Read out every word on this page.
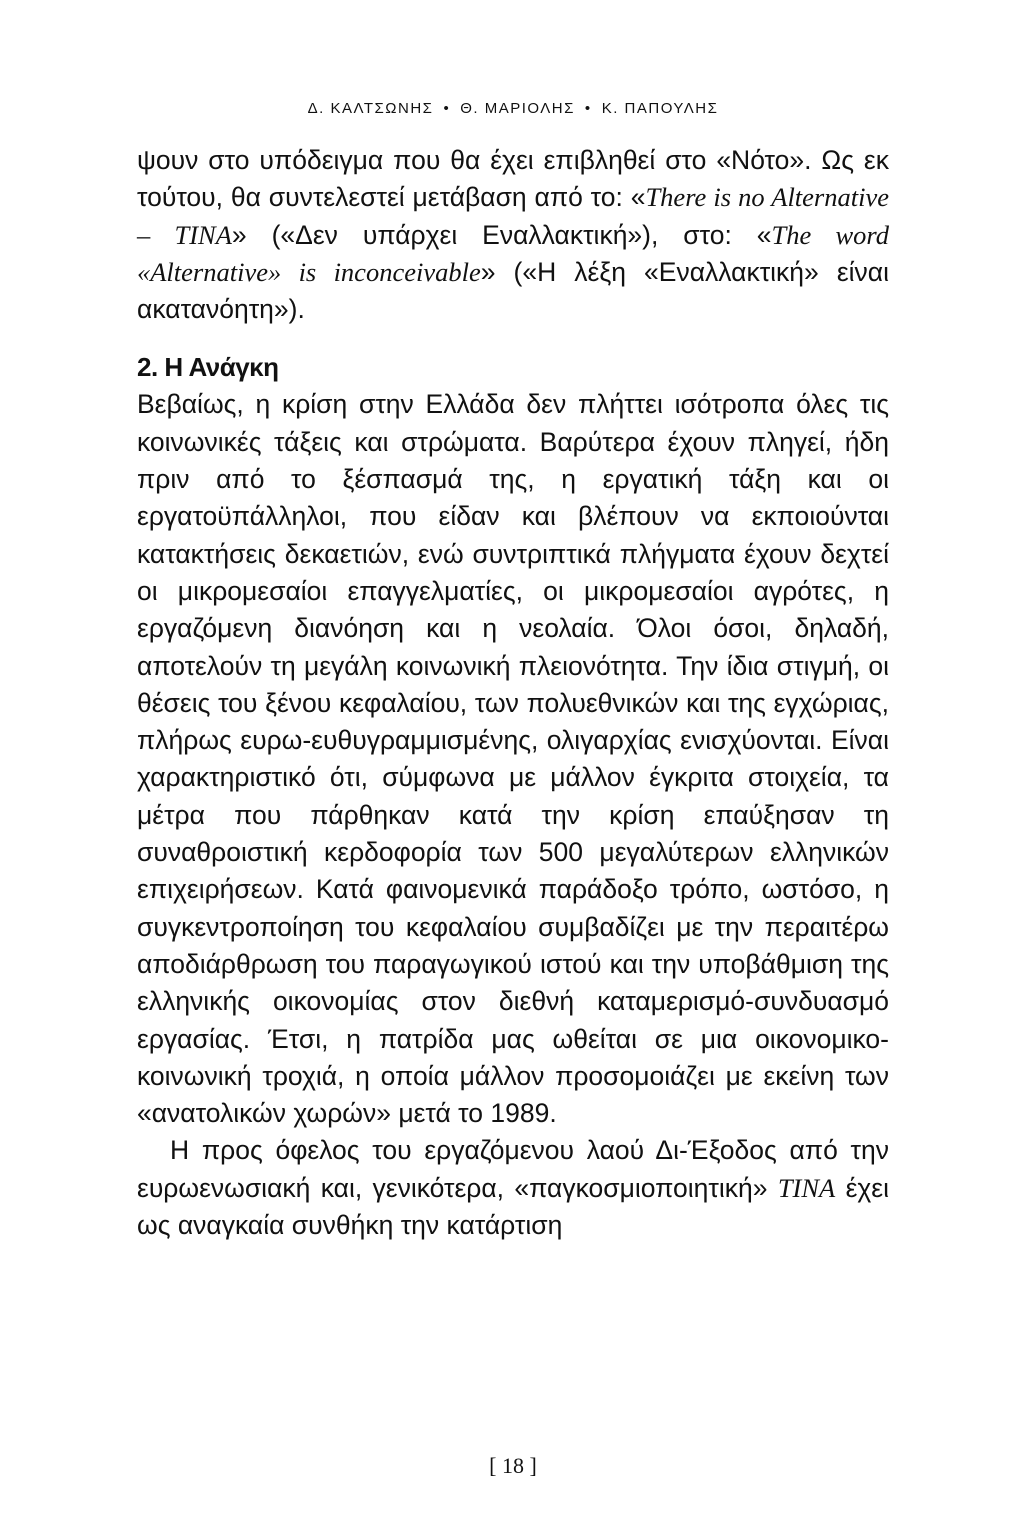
Δ. ΚΑΛΤΣΩΝΗΣ • Θ. ΜΑΡΙΟΛΗΣ • Κ. ΠΑΠΟΥΛΗΣ

ψουν στο υπόδειγμα που θα έχει επιβληθεί στο «Νότο». Ως εκ τούτου, θα συντελεστεί μετάβαση από το: «There is no Alternative – TINA» («Δεν υπάρχει Εναλλακτική»), στο: «The word «Alternative» is inconceivable» («Η λέξη «Εναλλακτική» είναι ακατανόητη»).

2. Η Ανάγκη

Βεβαίως, η κρίση στην Ελλάδα δεν πλήττει ισότροπα όλες τις κοινωνικές τάξεις και στρώματα. Βαρύτερα έχουν πληγεί, ήδη πριν από το ξέσπασμά της, η εργατική τάξη και οι εργατοϋπάλληλοι, που είδαν και βλέπουν να εκποιούνται κατακτήσεις δεκαετιών, ενώ συντριπτικά πλήγματα έχουν δεχτεί οι μικρομεσαίοι επαγγελματίες, οι μικρομεσαίοι αγρότες, η εργαζόμενη διανόηση και η νεολαία. Όλοι όσοι, δηλαδή, αποτελούν τη μεγάλη κοινωνική πλειονότητα. Την ίδια στιγμή, οι θέσεις του ξένου κεφαλαίου, των πολυεθνικών και της εγχώριας, πλήρως ευρω-ευθυγραμμισμένης, ολιγαρχίας ενισχύονται. Είναι χαρακτηριστικό ότι, σύμφωνα με μάλλον έγκριτα στοιχεία, τα μέτρα που πάρθηκαν κατά την κρίση επαύξησαν τη συναθροιστική κερδοφορία των 500 μεγαλύτερων ελληνικών επιχειρήσεων. Κατά φαινομενικά παράδοξο τρόπο, ωστόσο, η συγκεντροποίηση του κεφαλαίου συμβαδίζει με την περαιτέρω αποδιάρθρωση του παραγωγικού ιστού και την υποβάθμιση της ελληνικής οικονομίας στον διεθνή καταμερισμό-συνδυασμό εργασίας. Έτσι, η πατρίδα μας ωθείται σε μια οικονομικο-κοινωνική τροχιά, η οποία μάλλον προσομοιάζει με εκείνη των «ανατολικών χωρών» μετά το 1989.

Η προς όφελος του εργαζόμενου λαού Δι-Έξοδος από την ευρωενωσιακή και, γενικότερα, «παγκοσμιοποιητική» TINA έχει ως αναγκαία συνθήκη την κατάρτιση

[ 18 ]
